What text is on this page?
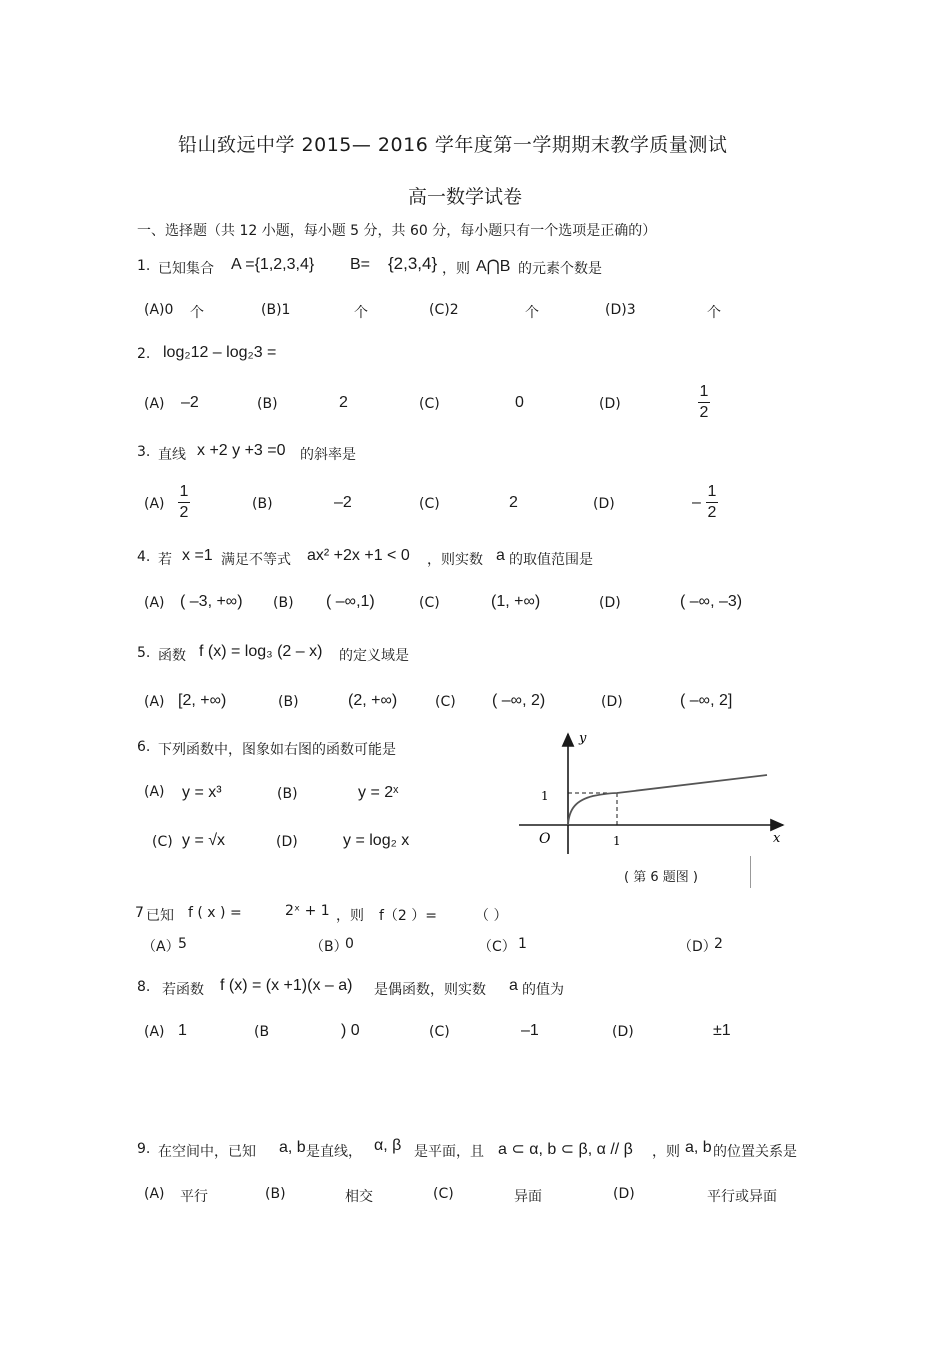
铅山致远中学 2015— 2016 学年度第一学期期末教学质量测试
高一数学试卷
一、选择题（共 12 小题，每小题 5 分，共 60 分，每小题只有一个选项是正确的）
1. 已知集合 A ={1,2,3,4} B= {2,3,4} ，则 A⋂B 的元素个数是
(A)0 个	(B)1	个	(C)2	个	(D)3	个
2. log₂12 – log₂3 =
(A) –2	(B)	2	(C)	0	(D)
1
2
3. 直线 x +2 y +3 =0 的斜率是
(A)
1
2	(B)	–2	(C)	2	(D)	–
1
2
4. 若 x =1 满足不等式 ax² +2x +1 < 0 ，则实数 a 的取值范围是
(A) ( –3, +∞) (B) ( –∞,1)	(C)	(1, +∞)	(D)	( –∞, –3)
5. 函数 f (x) = log₃ (2 – x) 的定义域是
(A) [2, +∞)	(B)	(2, +∞)	(C) ( –∞, 2)	(D)	( –∞, 2]
6. 下列函数中，图象如右图的函数可能是
(A) y = x³	(B)	y = 2ˣ
(C) y = √x	(D)	y = log₂ x
y
x
O	1
1
( 第 6 题图 )
7 已知 f ( x ) =	2ˣ + 1 ，则 f（2 ）=	（ ）
（A）
5	（B）
0	（C） 1	（D）
2
8. 若函数 f (x) = (x +1)(x – a) 是偶函数，则实数 a 的值为
(A) 1	(B	) 0	(C)	–1	(D)	±1
9. 在空间中，已知 a, b 是直线， α, β 是平面，且 a ⊂ α, b ⊂ β, α // β ，则 a, b 的位置关系是
(A) 平行	(B)	相交	(C)	异面	(D)	平行或异面
